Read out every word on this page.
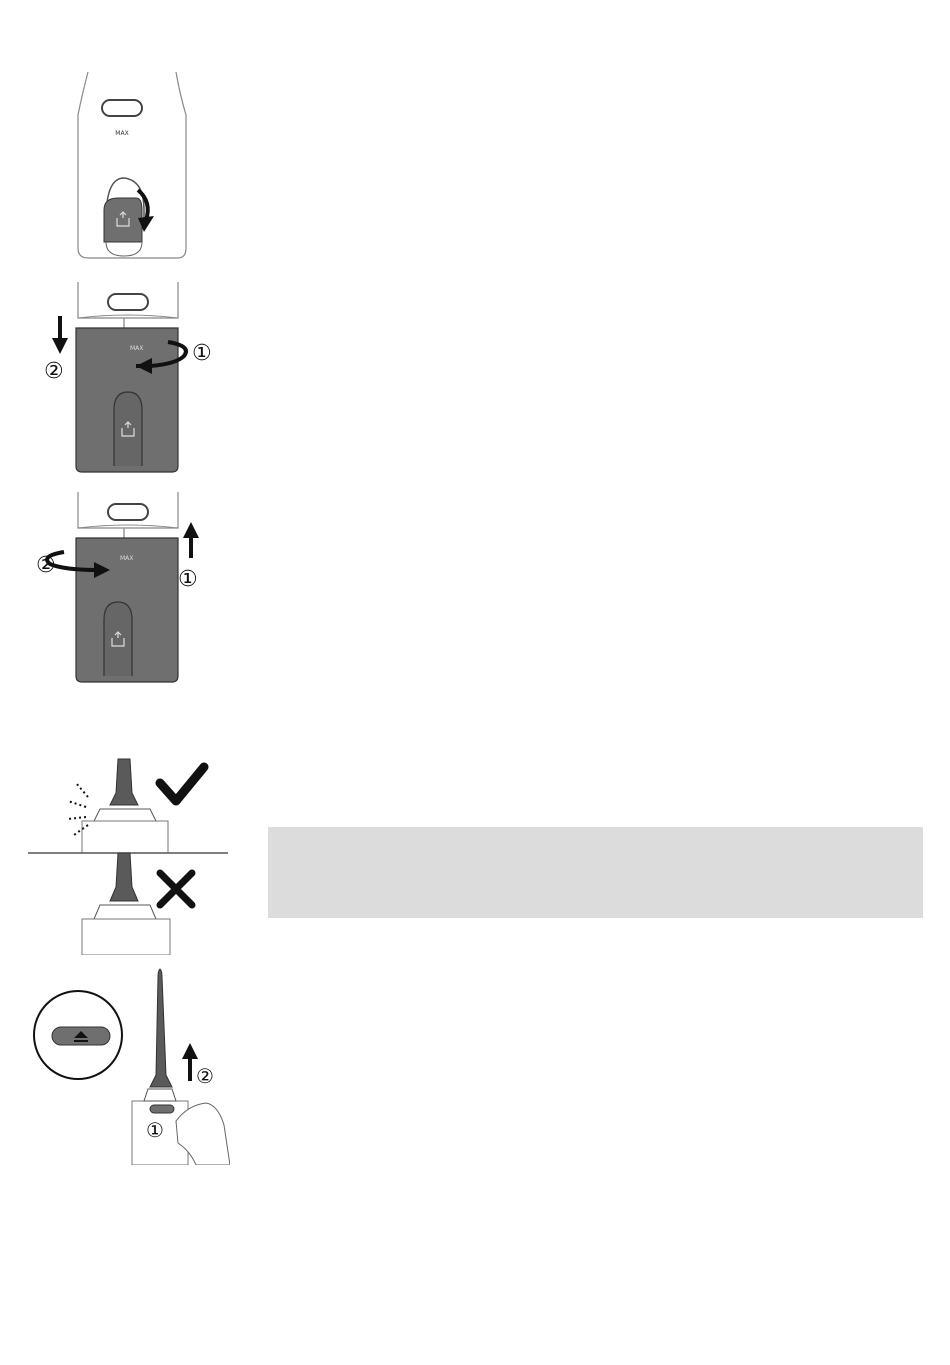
MAX
MAX ①
②
MAX
②
①
②
①
